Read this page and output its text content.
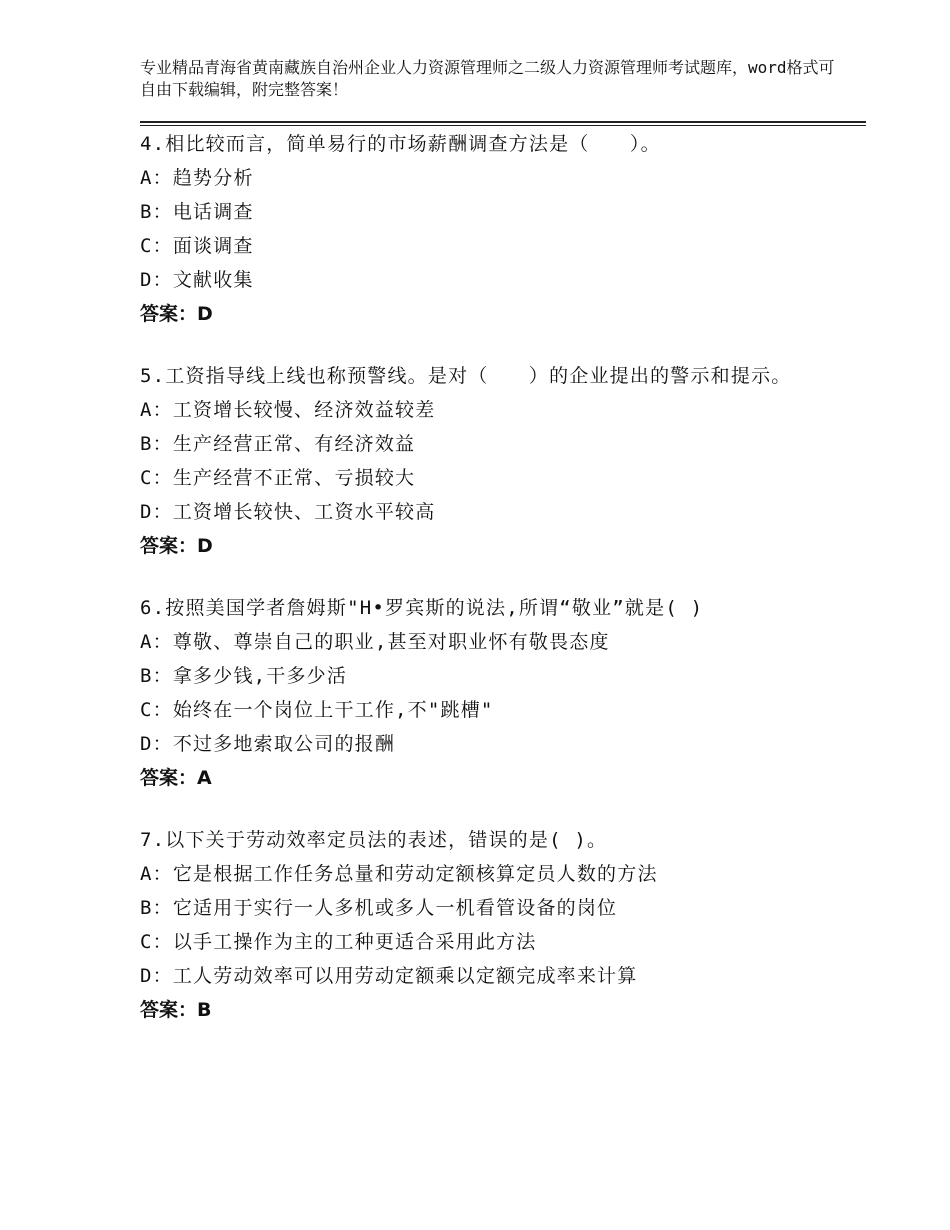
专业精品青海省黄南藏族自治州企业人力资源管理师之二级人力资源管理师考试题库，word格式可自由下载编辑，附完整答案！
4.相比较而言，简单易行的市场薪酬调查方法是（　　）。
A：趋势分析
B：电话调查
C：面谈调查
D：文献收集
答案：D
5.工资指导线上线也称预警线。是对（　　）的企业提出的警示和提示。
A：工资增长较慢、经济效益较差
B：生产经营正常、有经济效益
C：生产经营不正常、亏损较大
D：工资增长较快、工资水平较高
答案：D
6.按照美国学者詹姆斯"H•罗宾斯的说法,所谓“敬业”就是( )
A：尊敬、尊崇自己的职业,甚至对职业怀有敬畏态度
B：拿多少钱,干多少活
C：始终在一个岗位上干工作,不"跳槽"
D：不过多地索取公司的报酬
答案：A
7.以下关于劳动效率定员法的表述，错误的是( )。
A：它是根据工作任务总量和劳动定额核算定员人数的方法
B：它适用于实行一人多机或多人一机看管设备的岗位
C：以手工操作为主的工种更适合采用此方法
D：工人劳动效率可以用劳动定额乘以定额完成率来计算
答案：B
